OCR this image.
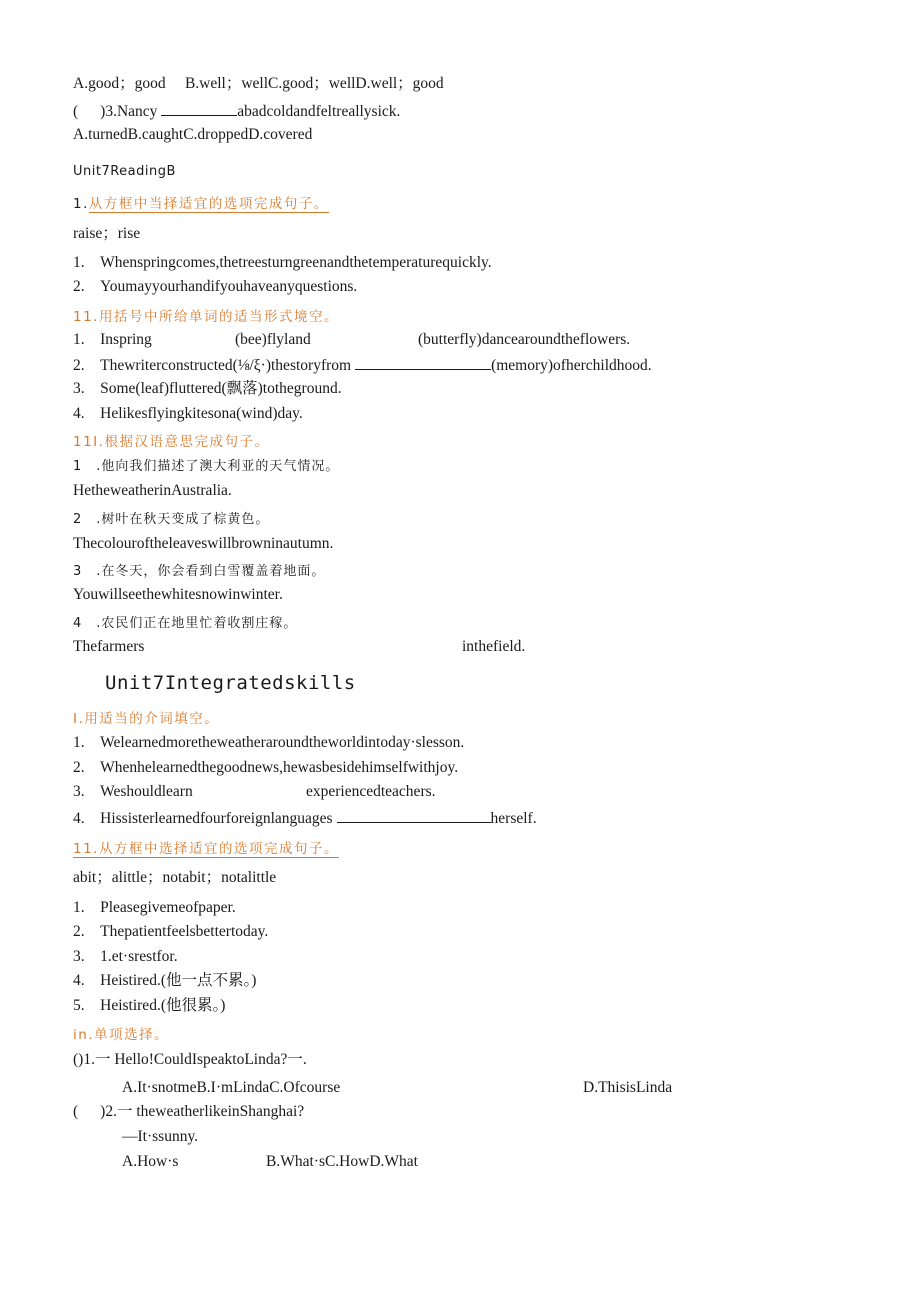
A.good；good　 B.well；wellC.good；wellD.well；good
( )3.Nancy	abadcoldandfeltreallysick.
A.turnedB.caughtC.droppedD.covered
Unit7ReadingB
1.从方框中当择适宜的选项完成句子。
raise；rise
1.　Whenspringcomes,thetreesturngreenandthetemperaturequickly.
2.　Youmayyourhandifyouhaveanyquestions.
11.用括号中所给单词的适当形式境空。
1.　Inspring	(bee)flyland	(butterfly)dancearoundtheflowers.
2.　Thewriterconstructed(⅛/ξ·)thestoryfrom	(memory)ofherchildhood.
3.　Some(leaf)fluttered(飘落)totheground.
4.　Helikesflyingkitesona(wind)day.
11I.根据汉语意思完成句子。
1　.他向我们描述了澳大利亚的天气情况。
HetheweatherinAustralia.
2　.树叶在秋天变成了棕黄色。
Thecolouroftheleaveswillbrowninautumn.
3　.在冬天，你会看到白雪覆盖着地面。
Youwillseethewhitesnowinwinter.
4　.农民们正在地里忙着收割庄稼。
Thefarmers	inthefield.
Unit7Integratedskills
I.用适当的介词填空。
1.　Welearnedmoretheweatheraroundtheworldintoday·slesson.
2.　Whenhelearnedthegoodnews,hewasbesidehimselfwithjoy.
3.　Weshouldlearn	experiencedteachers.
4.　Hissisterlearnedfourforeignlanguages	herself.
11.从方框中选择适宜的选项完成句子。
abit；alittle；notabit；notalittle
1.　Pleasegivemeofpaper.
2.　Thepatientfeelsbettertoday.
3.　1.et·srestfor.
4.　Heistired.(他一点不累。)
5.　Heistired.(他很累。)
in.单项选择。
()1.一 Hello!CouldIspeaktoLinda?一.
A.It·snotmeB.I·mLindaC.Ofcourse	D.ThisisLinda
( )2.一 theweatherlikeinShanghai?
—It·ssunny.
A.How·s	B.What·sC.HowD.What
